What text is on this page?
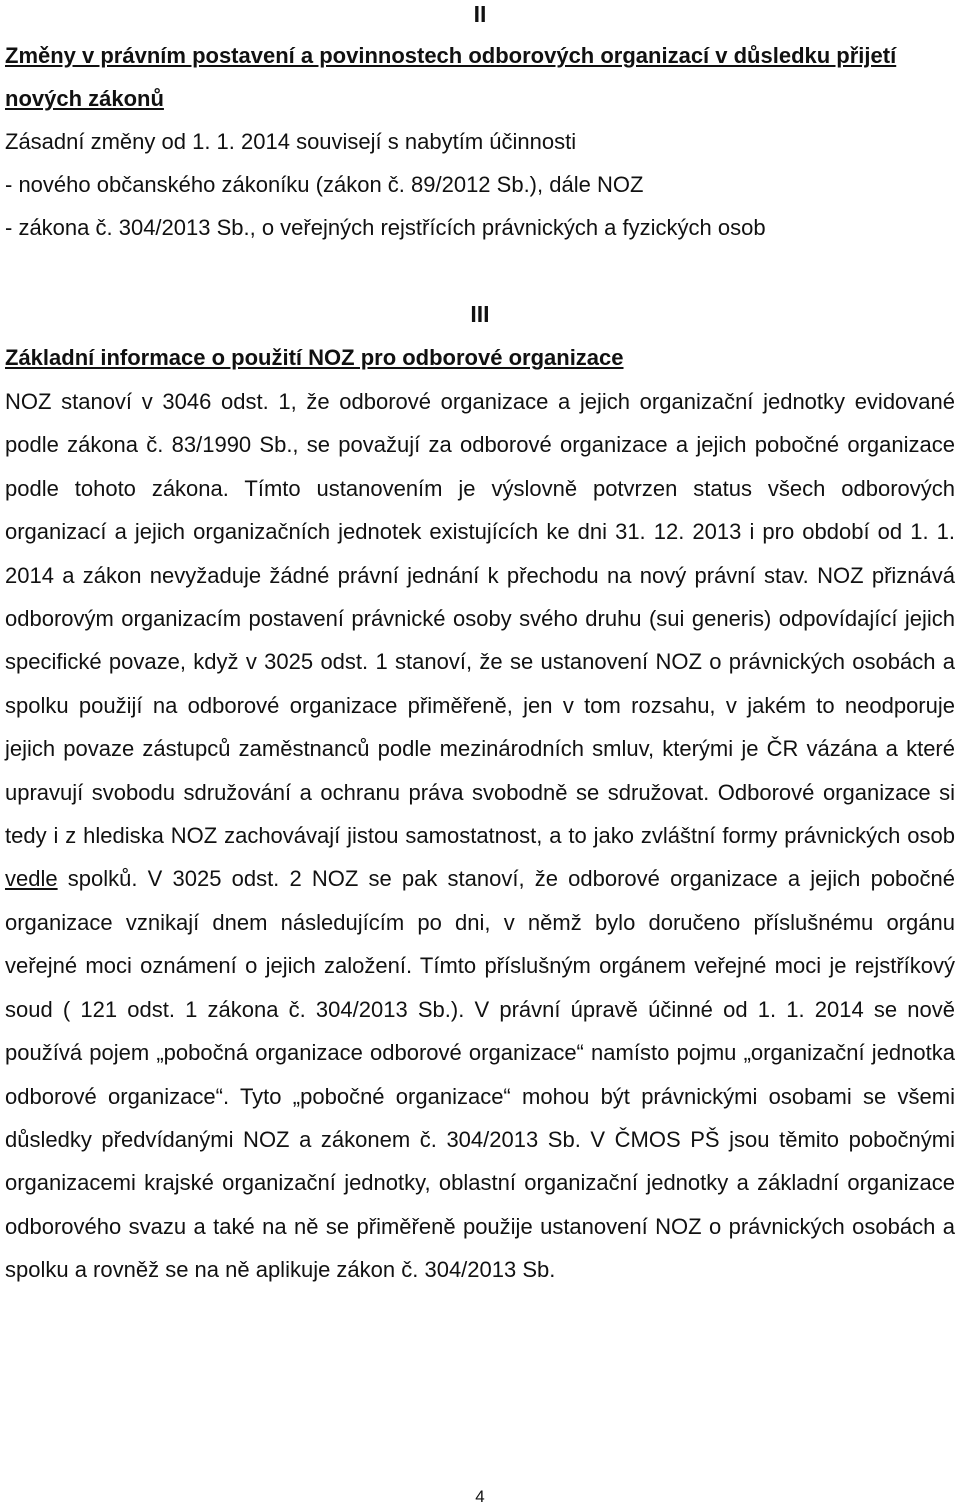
II
Změny v právním postavení a povinnostech odborových organizací v důsledku přijetí nových zákonů
Zásadní změny od 1. 1. 2014 souvisejí s nabytím účinnosti
- nového občanského zákoníku (zákon č. 89/2012 Sb.), dále NOZ
- zákona č. 304/2013 Sb., o veřejných rejstřících právnických a fyzických osob
III
Základní informace o použití NOZ pro odborové organizace
NOZ stanoví v 3046 odst. 1, že odborové organizace a jejich organizační jednotky evidované podle zákona č. 83/1990 Sb., se považují za odborové organizace a jejich pobočné organizace podle tohoto zákona. Tímto ustanovením je výslovně potvrzen status všech odborových organizací a jejich organizačních jednotek existujících ke dni 31. 12. 2013 i pro období od 1. 1. 2014 a zákon nevyžaduje žádné právní jednání k přechodu na nový právní stav. NOZ přiznává odborovým organizacím postavení právnické osoby svého druhu (sui generis) odpovídající jejich specifické povaze, když v 3025 odst. 1 stanoví, že se ustanovení NOZ o právnických osobách a spolku použijí na odborové organizace přiměřeně, jen v tom rozsahu, v jakém to neodporuje jejich povaze zástupců zaměstnanců podle mezinárodních smluv, kterými je ČR vázána a které upravují svobodu sdružování a ochranu práva svobodně se sdružovat. Odborové organizace si tedy i z hlediska NOZ zachovávají jistou samostatnost, a to jako zvláštní formy právnických osob vedle spolků. V 3025 odst. 2 NOZ se pak stanoví, že odborové organizace a jejich pobočné organizace vznikají dnem následujícím po dni, v němž bylo doručeno příslušnému orgánu veřejné moci oznámení o jejich založení. Tímto příslušným orgánem veřejné moci je rejstříkový soud ( 121 odst. 1 zákona č. 304/2013 Sb.). V právní úpravě účinné od 1. 1. 2014 se nově používá pojem „pobočná organizace odborové organizace“ namísto pojmu „organizační jednotka odborové organizace“. Tyto „pobočné organizace“ mohou být právnickými osobami se všemi důsledky předvídanými NOZ a zákonem č. 304/2013 Sb. V ČMOS PŠ jsou těmito pobočnými organizacemi krajské organizační jednotky, oblastní organizační jednotky a základní organizace odborového svazu a také na ně se přiměřeně použije ustanovení NOZ o právnických osobách a spolku a rovněž se na ně aplikuje zákon č. 304/2013 Sb.
4
